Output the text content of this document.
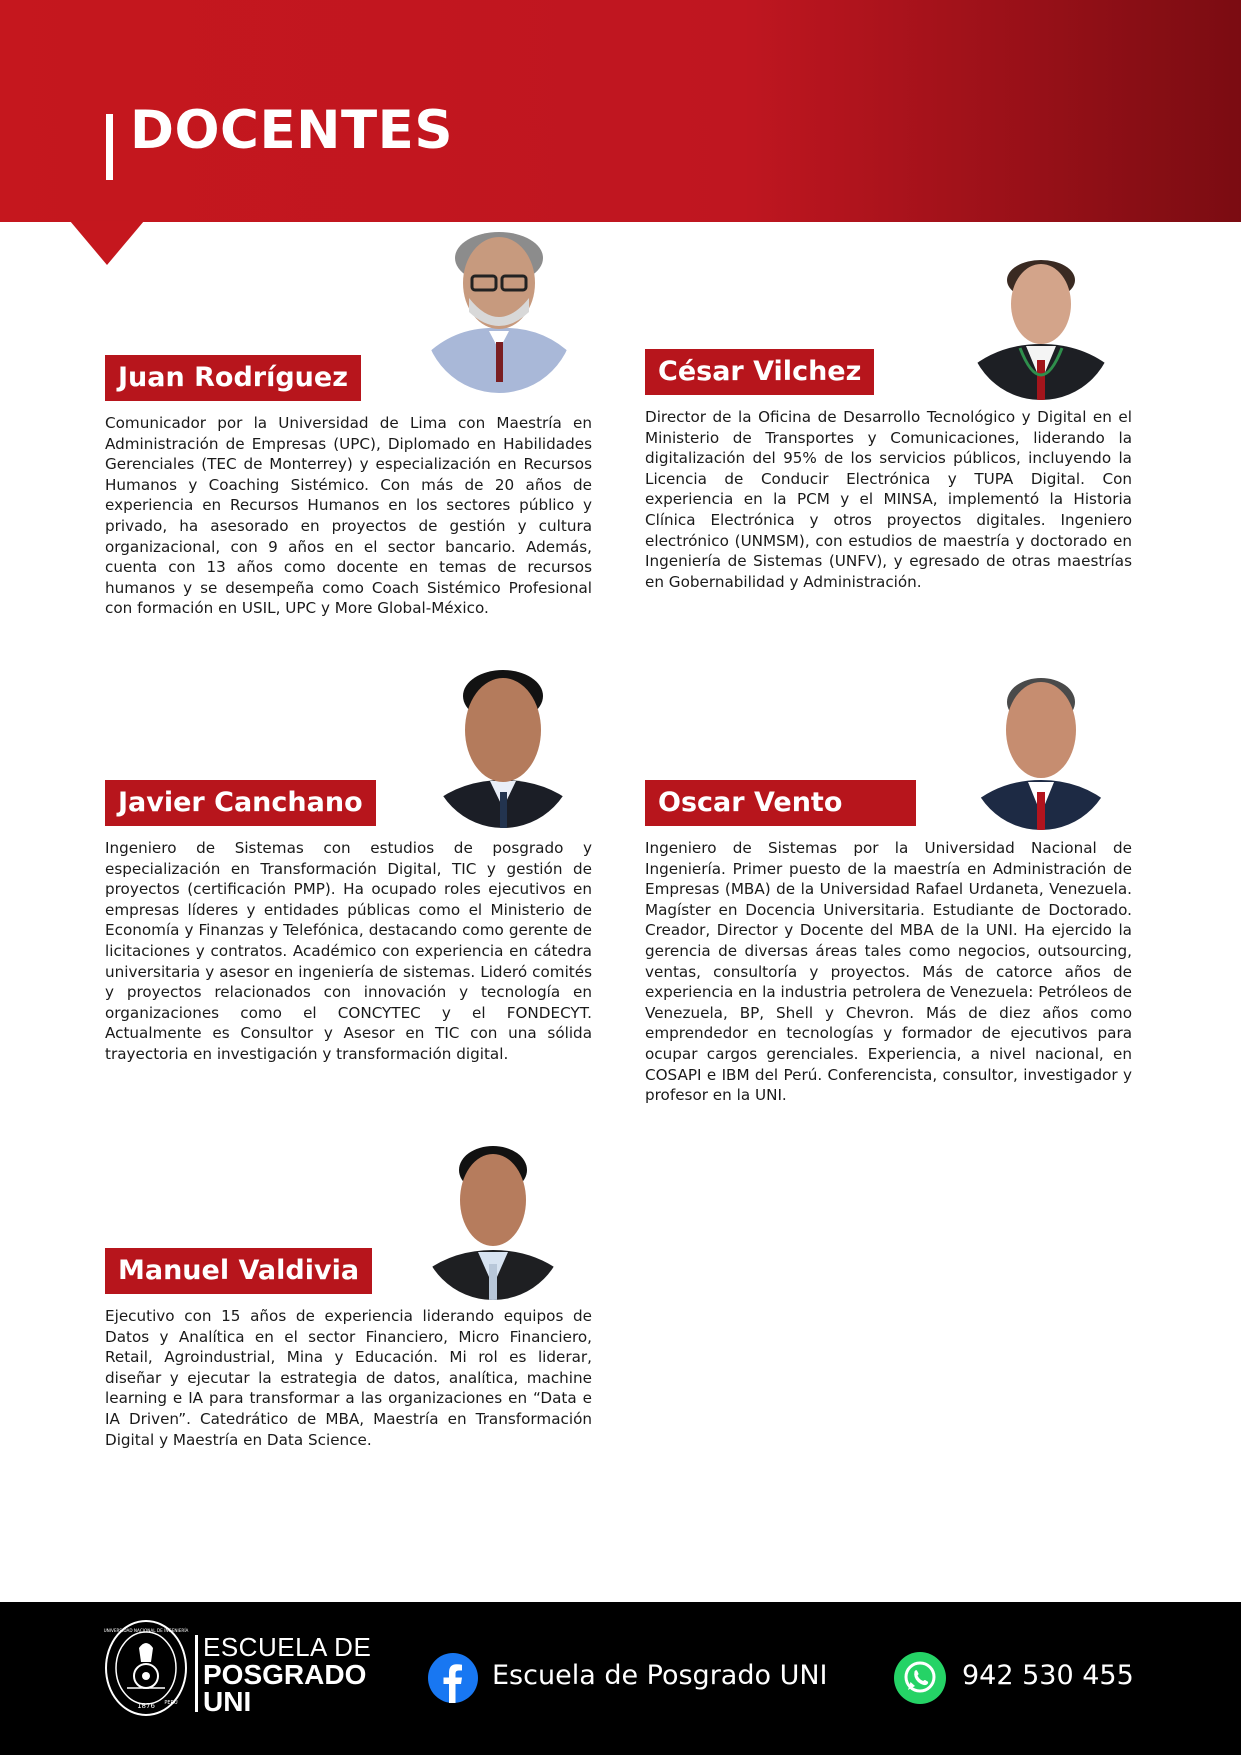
DOCENTES
Juan Rodríguez
Comunicador por la Universidad de Lima con Maestría en Administración de Empresas (UPC), Diplomado en Habilidades Gerenciales (TEC de Monterrey) y especialización en Recursos Humanos y Coaching Sistémico. Con más de 20 años de experiencia en Recursos Humanos en los sectores público y privado, ha asesorado en proyectos de gestión y cultura organizacional, con 9 años en el sector bancario. Además, cuenta con 13 años como docente en temas de recursos humanos y se desempeña como Coach Sistémico Profesional con formación en USIL, UPC y More Global-México.
César Vilchez
Director de la Oficina de Desarrollo Tecnológico y Digital en el Ministerio de Transportes y Comunicaciones, liderando la digitalización del 95% de los servicios públicos, incluyendo la Licencia de Conducir Electrónica y TUPA Digital. Con experiencia en la PCM y el MINSA, implementó la Historia Clínica Electrónica y otros proyectos digitales. Ingeniero electrónico (UNMSM), con estudios de maestría y doctorado en Ingeniería de Sistemas (UNFV), y egresado de otras maestrías en Gobernabilidad y Administración.
Javier Canchano
Ingeniero de Sistemas con estudios de posgrado y especialización en Transformación Digital, TIC y gestión de proyectos (certificación PMP). Ha ocupado roles ejecutivos en empresas líderes y entidades públicas como el Ministerio de Economía y Finanzas y Telefónica, destacando como gerente de licitaciones y contratos. Académico con experiencia en cátedra universitaria y asesor en ingeniería de sistemas. Lideró comités y proyectos relacionados con innovación y tecnología en organizaciones como el CONCYTEC y el FONDECYT. Actualmente es Consultor y Asesor en TIC con una sólida trayectoria en investigación y transformación digital.
Oscar Vento
Ingeniero de Sistemas por la Universidad Nacional de Ingeniería. Primer puesto de la maestría en Administración de Empresas (MBA) de la Universidad Rafael Urdaneta, Venezuela. Magíster en Docencia Universitaria. Estudiante de Doctorado. Creador, Director y Docente del MBA de la UNI. Ha ejercido la gerencia de diversas áreas tales como negocios, outsourcing, ventas, consultoría y proyectos. Más de catorce años de experiencia en la industria petrolera de Venezuela: Petróleos de Venezuela, BP, Shell y Chevron. Más de diez años como emprendedor en tecnologías y formador de ejecutivos para ocupar cargos gerenciales. Experiencia, a nivel nacional, en COSAPI e IBM del Perú. Conferencista, consultor, investigador y profesor en la UNI.
Manuel Valdivia
Ejecutivo con 15 años de experiencia liderando equipos de Datos y Analítica en el sector Financiero, Micro Financiero, Retail, Agroindustrial, Mina y Educación. Mi rol es liderar, diseñar y ejecutar la estrategia de datos, analítica, machine learning e IA para transformar a las organizaciones en “Data e IA Driven”. Catedrático de MBA, Maestría en Transformación Digital y Maestría en Data Science.
1876
UNIVERSIDAD NACIONAL DE INGENIERÍA
PERÚ
ESCUELA DE
POSGRADO
UNI
Escuela de Posgrado UNI	942 530 455
